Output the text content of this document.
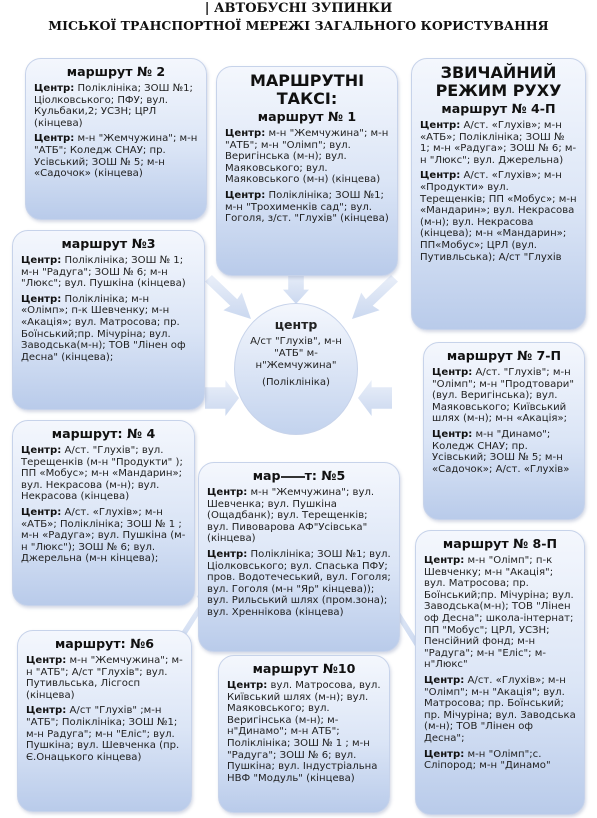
| АВТОБУСНІ ЗУПИНКИ
МІСЬКОЇ ТРАНСПОРТНОЇ МЕРЕЖІ ЗАГАЛЬНОГО КОРИСТУВАННЯ
маршрут № 2

Центр: Поліклініка; ЗОШ №1; Ціолковського; ПФУ; вул. Кульбаки,2; УСЗН; ЦРЛ (кінцева)

Центр: м-н "Жемчужина"; м-н "АТБ"; Коледж СНАУ; пр. Усівський; ЗОШ № 5; м-н «Садочок» (кінцева)

МАРШРУТНІ ТАКСІ:
маршрут № 1

Центр: м-н "Жемчужина"; м-н "АТБ"; м-н "Олімп"; вул. Веригінська (м-н); вул. Маяковського; вул. Маяковського (м-н) (кінцева)

Центр: Поліклініка; ЗОШ №1; м-н "Трохименків сад"; вул. Гоголя, з/ст. "Глухів" (кінцева)

ЗВИЧАЙНИЙ РЕЖИМ РУХУ
маршрут № 4-П

Центр: А/ст. «Глухів»; м-н «АТБ»; Поліклініка; ЗОШ № 1; м-н «Радуга»; ЗОШ № 6; м-н "Люкс"; вул. Джерельна)

Центр: А/ст. «Глухів»; м-н «Продукти» вул. Терещенків; ПП «Мобус»; м-н «Мандарин»; вул. Некрасова (м-н); вул. Некрасова (кінцева); м-н «Мандарин»; ПП«Мобус»; ЦРЛ (вул. Путивльська); А/ст "Глухів

маршрут №3

Центр: Поліклініка; ЗОШ № 1; м-н "Радуга"; ЗОШ № 6; м-н "Люкс"; вул. Пушкіна (кінцева)

Центр: Поліклініка; м-н «Олімп»; п-к Шевченку; м-н «Акація»; вул. Матросова; пр. Боїнський;пр. Мічуріна; вул. Заводська(м-н); ТОВ "Лінен оф Десна" (кінцева);

центр
А/ст "Глухів", м-н "АТБ" м-н"Жемчужина"
(Поліклініка)
маршрут № 7-П

Центр: А/ст. "Глухів"; м-н "Олімп"; м-н "Продтовари" (вул. Веригінська); вул. Маяковського; Київський шлях (м-н); м-н «Акація»;

Центр: м-н "Динамо"; Коледж СНАУ; пр. Усівський; ЗОШ № 5; м-н «Садочок»; А/ст. «Глухів»

маршрут: № 4

Центр: А/ст. "Глухів"; вул. Терещенків (м-н "Продукти" ); ПП «Мобус»; м-н «Мандарин»; вул. Некрасова (м-н); вул. Некрасова (кінцева)

Центр: А/ст. «Глухів»; м-н «АТБ»; Поліклініка; ЗОШ № 1 ; м-н «Радуга»; вул. Пушкіна (м-н "Люкс"); ЗОШ № 6; вул. Джерельна (м-н кінцева);

мар т: №5

Центр: м-н "Жемчужина"; вул. Шевченка; вул. Пушкіна (Ощадбанк); вул. Терещенків; вул. Пивоварова АФ"Усівська" (кінцева)

Центр: Поліклініка; ЗОШ №1; вул. Ціолковського; вул. Спаська ПФУ; пров. Водотечеський, вул. Гоголя; вул. Гоголя (м-н "Яр" кінцева)); вул. Рильський шлях (пром.зона); вул. Хреннікова (кінцева)

маршрут № 8-П

Центр: м-н "Олімп"; п-к Шевченку; м-н "Акація"; вул. Матросова; пр. Боїнський;пр. Мічуріна; вул. Заводська(м-н); ТОВ "Лінен оф Десна"; школа-інтернат; ПП "Мобус"; ЦРЛ, УСЗН; Пенсійний фонд; м-н "Радуга"; м-н "Еліс"; м-н"Люкс"

Центр: А/ст. «Глухів»; м-н "Олімп"; м-н "Акація"; вул. Матросова; пр. Боїнський; пр. Мічуріна; вул. Заводська (м-н); ТОВ "Лінен оф Десна";

Центр: м-н "Олімп";с. Сліпород; м-н "Динамо"

маршрут: №6

Центр: м-н "Жемчужина"; м-н "АТБ"; А/ст "Глухів"; вул. Путивльська, Лісгосп (кінцева)

Центр: А/ст "Глухів" ;м-н "АТБ"; Поліклініка; ЗОШ №1; м-н Радуга"; м-н "Еліс"; вул. Пушкіна; вул. Шевченка (пр. Є.Онацького кінцева)

маршрут №10

Центр: вул. Матросова, вул. Київський шлях (м-н); вул. Маяковського; вул. Веригінська (м-н); м-н"Динамо"; м-н АТБ"; Поліклініка; ЗОШ № 1 ; м-н "Радуга"; ЗОШ № 6; вул. Пушкіна; вул. Індустріальна НВФ "Модуль" (кінцева)
